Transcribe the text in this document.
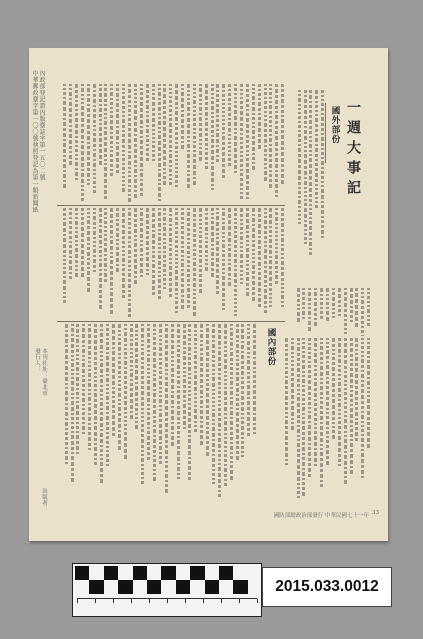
內政部登記證內版臺誌字第一五〇二號
中華郵政臺字第一〇〇號執照登記為第一類新聞紙
本刊社址：臺北市
發行人：
出版者：
一週大事記
國外部份
國內部份
國防部總政治部發行 中華民國七十一年 33
2015.033.0012
